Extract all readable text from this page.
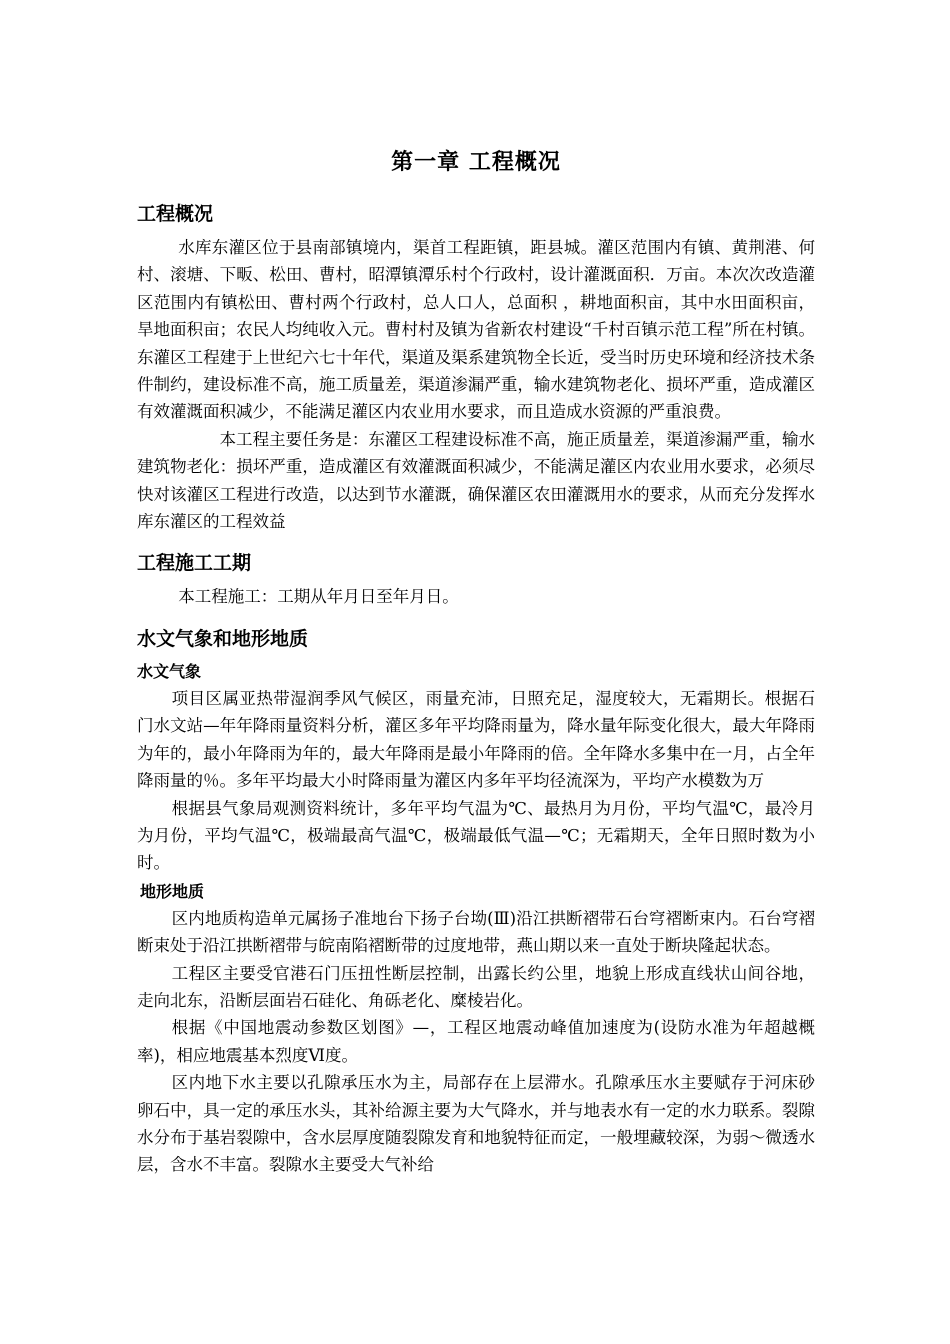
第一章 工程概况
工程概况

水库东灌区位于县南部镇境内，渠首工程距镇，距县城。灌区范围内有镇、黄荆港、何村、滚塘、下畈、松田、曹村，昭潭镇潭乐村个行政村，设计灌溉面积．万亩。本次次改造灌区范围内有镇松田、曹村两个行政村，总人口人，总面积 ，耕地面积亩，其中水田面积亩，旱地面积亩；农民人均纯收入元。曹村村及镇为省新农村建设“千村百镇示范工程”所在村镇。东灌区工程建于上世纪六七十年代，渠道及渠系建筑物全长近，受当时历史环境和经济技术条件制约，建设标准不高，施工质量差，渠道渗漏严重，输水建筑物老化、损坏严重，造成灌区有效灌溉面积减少，不能满足灌区内农业用水要求，而且造成水资源的严重浪费。

本工程主要任务是：东灌区工程建设标准不高，施正质量差，渠道渗漏严重，输水建筑物老化：损坏严重，造成灌区有效灌溉面积减少，不能满足灌区内农业用水要求，必须尽快对该灌区工程进行改造，以达到节水灌溉，确保灌区农田灌溉用水的要求，从而充分发挥水库东灌区的工程效益

工程施工工期

本工程施工：工期从年月日至年月日。

水文气象和地形地质
水文气象

项目区属亚热带湿润季风气候区，雨量充沛，日照充足，湿度较大，无霜期长。根据石门水文站—年年降雨量资料分析，灌区多年平均降雨量为，降水量年际变化很大，最大年降雨为年的，最小年降雨为年的，最大年降雨是最小年降雨的倍。全年降水多集中在一月，占全年降雨量的％。多年平均最大小时降雨量为灌区内多年平均径流深为，平均产水模数为万

根据县气象局观测资料统计，多年平均气温为℃、最热月为月份，平均气温℃，最冷月为月份，平均气温℃，极端最高气温℃，极端最低气温—℃；无霜期天，全年日照时数为小时。

地形地质

区内地质构造单元属扬子准地台下扬子台坳(Ⅲ)沿江拱断褶带石台穹褶断束内。石台穹褶断束处于沿江拱断褶带与皖南陷褶断带的过度地带，燕山期以来一直处于断块隆起状态。

工程区主要受官港石门压扭性断层控制，出露长约公里，地貌上形成直线状山间谷地，走向北东，沿断层面岩石硅化、角砾老化、糜棱岩化。

根据《中国地震动参数区划图》—，工程区地震动峰值加速度为(设防水准为年超越概率)，相应地震基本烈度Ⅵ度。

区内地下水主要以孔隙承压水为主，局部存在上层滞水。孔隙承压水主要赋存于河床砂卵石中，具一定的承压水头，其补给源主要为大气降水，并与地表水有一定的水力联系。裂隙水分布于基岩裂隙中，含水层厚度随裂隙发育和地貌特征而定，一般埋藏较深，为弱～微透水层，含水不丰富。裂隙水主要受大气补给
